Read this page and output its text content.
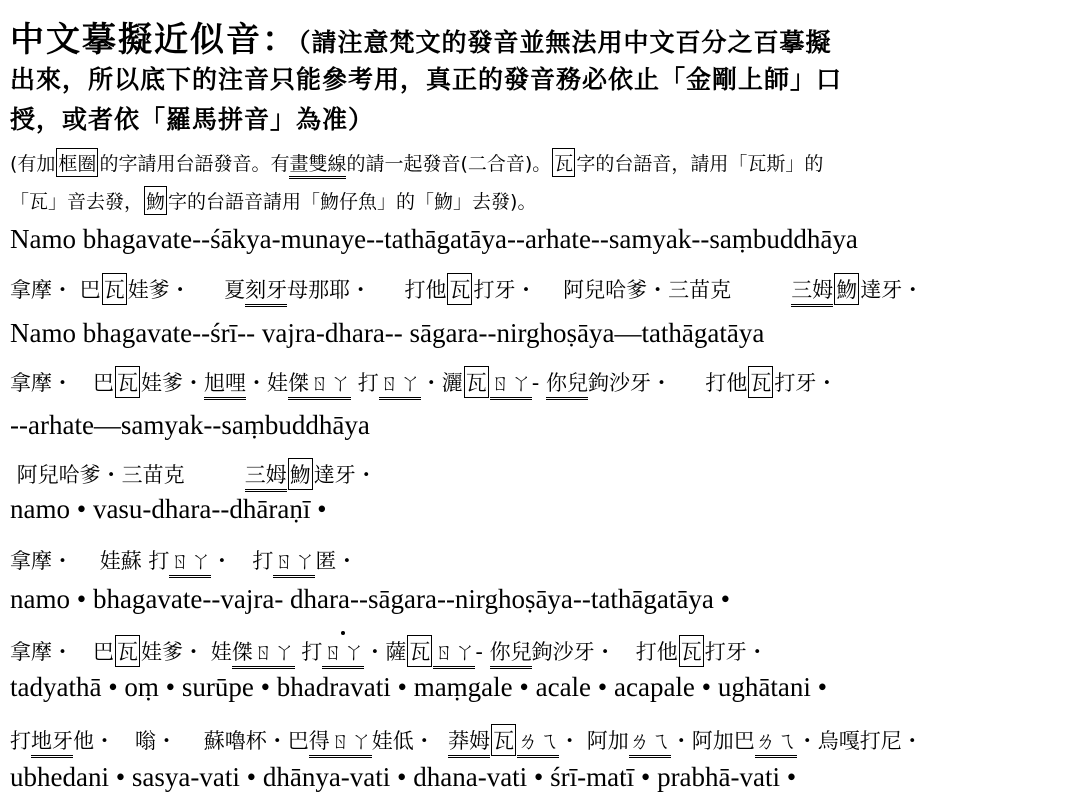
中文摹擬近似音：（請注意梵文的發音並無法用中文百分之百摹擬
出來，所以底下的注音只能參考用，真正的發音務必依止「金剛上師」口
授，或者依「羅馬拼音」為准）
(有加 框圈 的字請用台語發音。有畫雙線的請一起發音(二合音)。 瓦 字的台語音，請用「瓦斯」的
「瓦」音去發， 魩 字的台語音請用「魩仔魚」的「魩」去發)。
Namo bhagavate--śākya-munaye--tathāgatāya--arhate--samyak--saṃbuddhāya
拿摩・ 巴 瓦 娃爹・     夏刻牙母那耶・     打他 瓦 打牙・    阿兒哈爹・三苗克         三姆 魩 達牙・
Namo bhagavate--śrī-- vajra-dhara-- sāgara--nirghoṣāya—tathāgatāya
拿摩・   巴 瓦 娃爹・旭哩・娃傑ㄖㄚ 打ㄖㄚ・灑 瓦 ㄖㄚ- 你兒鉤沙牙・     打他 瓦 打牙・
--arhate—samyak--saṃbuddhāya
阿兒哈爹・三苗克         三姆 魩 達牙・
namo • vasu-dhara--dhāraṇī •
拿摩・    娃蘇 打ㄖㄚ・   打ㄖㄚ匿・
namo • bhagavate--vajra- dhara--sāgara--nirghoṣāya--tathāgatāya •
拿摩・   巴 瓦 娃爹・ 娃傑ㄖㄚ 打ㄖㄚ・薩 瓦 ㄖㄚ- 你兒鉤沙牙・   打他 瓦 打牙・
tadyathā • oṃ • surūpe • bhadravati • maṃgale • acale • acapale • ughātani •
打地牙他・   嗡・    蘇嚕杯・巴得ㄖㄚ娃低・  莽姆 瓦 ㄌㄟ・ 阿加ㄌㄟ・阿加巴ㄌㄟ・烏嘎打尼・
ubhedani • sasya-vati • dhānya-vati • dhana-vati • śrī-matī • prabhā-vati •
